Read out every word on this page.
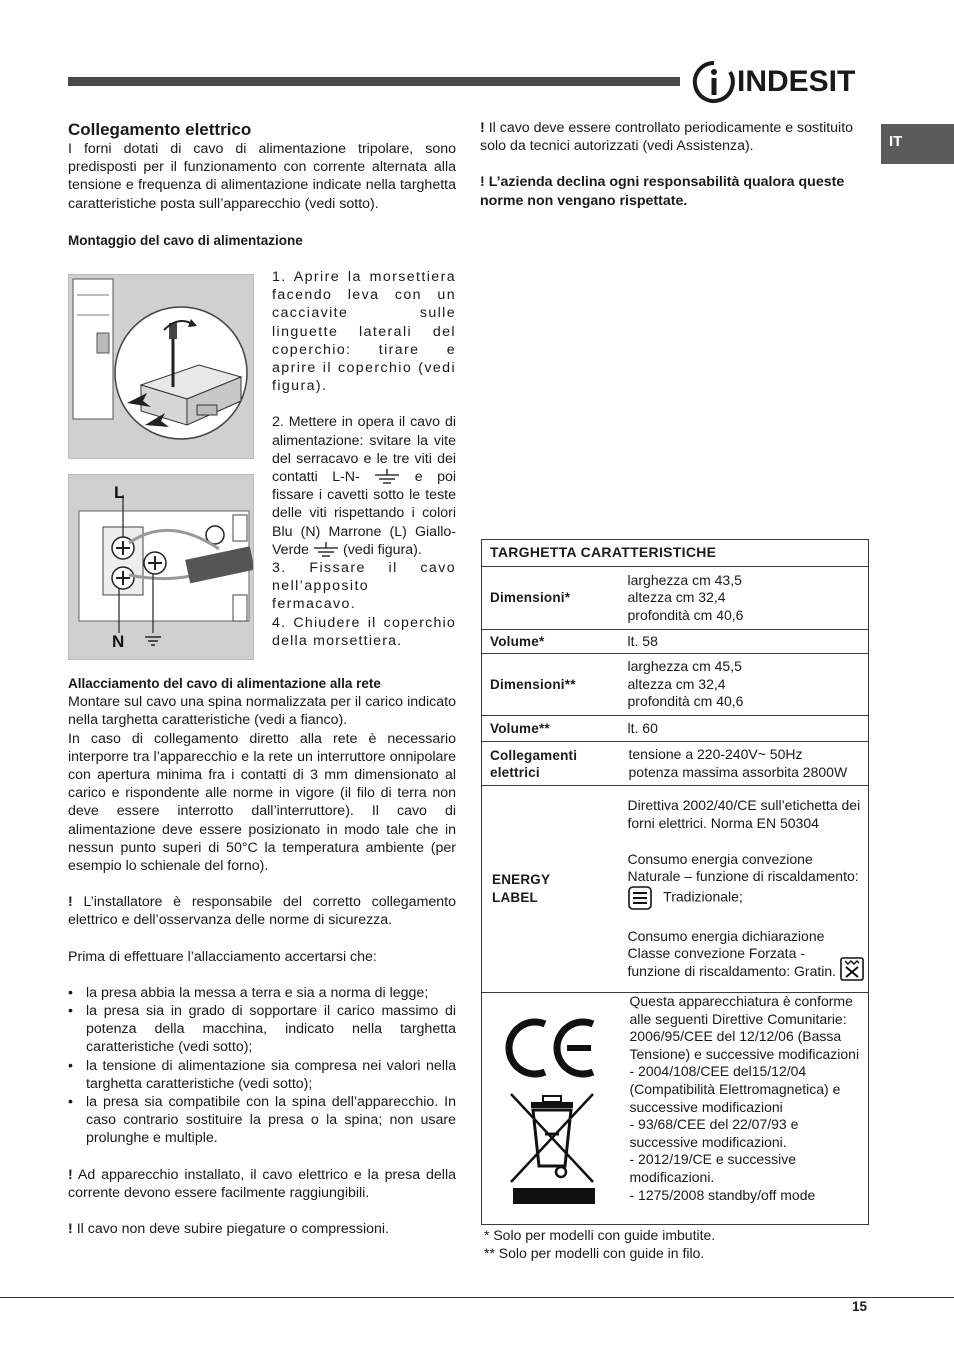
INDESIT
IT
Collegamento elettrico

I forni dotati di cavo di alimentazione tripolare, sono predisposti per il funzionamento con corrente alternata alla tensione e frequenza di alimentazione indicate nella targhetta caratteristiche posta sull’apparecchio (vedi sotto).

Montaggio del cavo di alimentazione
L
N

1. Aprire la morsettiera facendo leva con un cacciavite sulle linguette laterali del coperchio: tirare e aprire il coperchio (vedi figura).

2. Mettere in opera il cavo di alimentazione: svitare la vite del serracavo e le tre viti dei contatti L-N-	e poi fissare i cavetti sotto le teste delle viti rispettando i colori Blu (N) Marrone (L) Giallo-Verde (vedi figura).

3. Fissare il cavo nell’apposito fermacavo.

4. Chiudere il coperchio della morsettiera.

Allacciamento del cavo di alimentazione alla rete

Montare sul cavo una spina normalizzata per il carico indicato nella targhetta caratteristiche (vedi a fianco).

In caso di collegamento diretto alla rete è necessario interporre tra l’apparecchio e la rete un interruttore onnipolare con apertura minima fra i contatti di 3 mm dimensionato al carico e rispondente alle norme in vigore (il filo di terra non deve essere interrotto dall’interruttore). Il cavo di alimentazione deve essere posizionato in modo tale che in nessun punto superi di 50°C la temperatura ambiente (per esempio lo schienale del forno).

! L’installatore è responsabile del corretto collegamento elettrico e dell’osservanza delle norme di sicurezza.

Prima di effettuare l’allacciamento accertarsi che:

• la presa abbia la messa a terra e sia a norma di legge;
• la presa sia in grado di sopportare il carico massimo di potenza della macchina, indicato nella targhetta caratteristiche (vedi sotto);
• la tensione di alimentazione sia compresa nei valori nella targhetta caratteristiche (vedi sotto);
• la presa sia compatibile con la spina dell’apparecchio. In caso contrario sostituire la presa o la spina; non usare prolunghe e multiple.

! Ad apparecchio installato, il cavo elettrico e la presa della corrente devono essere facilmente raggiungibili.

! Il cavo non deve subire piegature o compressioni.

! Il cavo deve essere controllato periodicamente e sostituito solo da tecnici autorizzati (vedi Assistenza).

! L’azienda declina ogni responsabilità qualora queste norme non vengano rispettate.

TARGHETTA CARATTERISTICHE	
Dimensioni*	larghezza cm 43,5
altezza cm 32,4
profondità cm 40,6

Volume*	lt. 58
Dimensioni**	larghezza cm 45,5
altezza cm 32,4
profondità cm 40,6

Volume**	lt. 60
Collegamenti elettrici	tensione a 220-240V~ 50Hz
potenza massima assorbita 2800W

ENERGY LABEL	Direttiva 2002/40/CE sull’etichetta dei forni elettrici. Norma EN 50304

Consumo energia convezione Naturale – funzione di riscaldamento:    Tradizionale;

Consumo energia dichiarazione Classe convezione Forzata - funzione di riscaldamento: Gratin.

Questa apparecchiatura è conforme alle seguenti Direttive Comunitarie: 2006/95/CEE del 12/12/06 (Bassa Tensione) e successive modificazioni

- 2004/108/CEE del15/12/04 (Compatibilità Elettromagnetica) e successive modificazioni

- 93/68/CEE del 22/07/93 e successive modificazioni.

- 2012/19/CE e successive modificazioni.

- 1275/2008 standby/off mode

* Solo per modelli con guide imbutite.
** Solo per modelli con guide in filo.
15
